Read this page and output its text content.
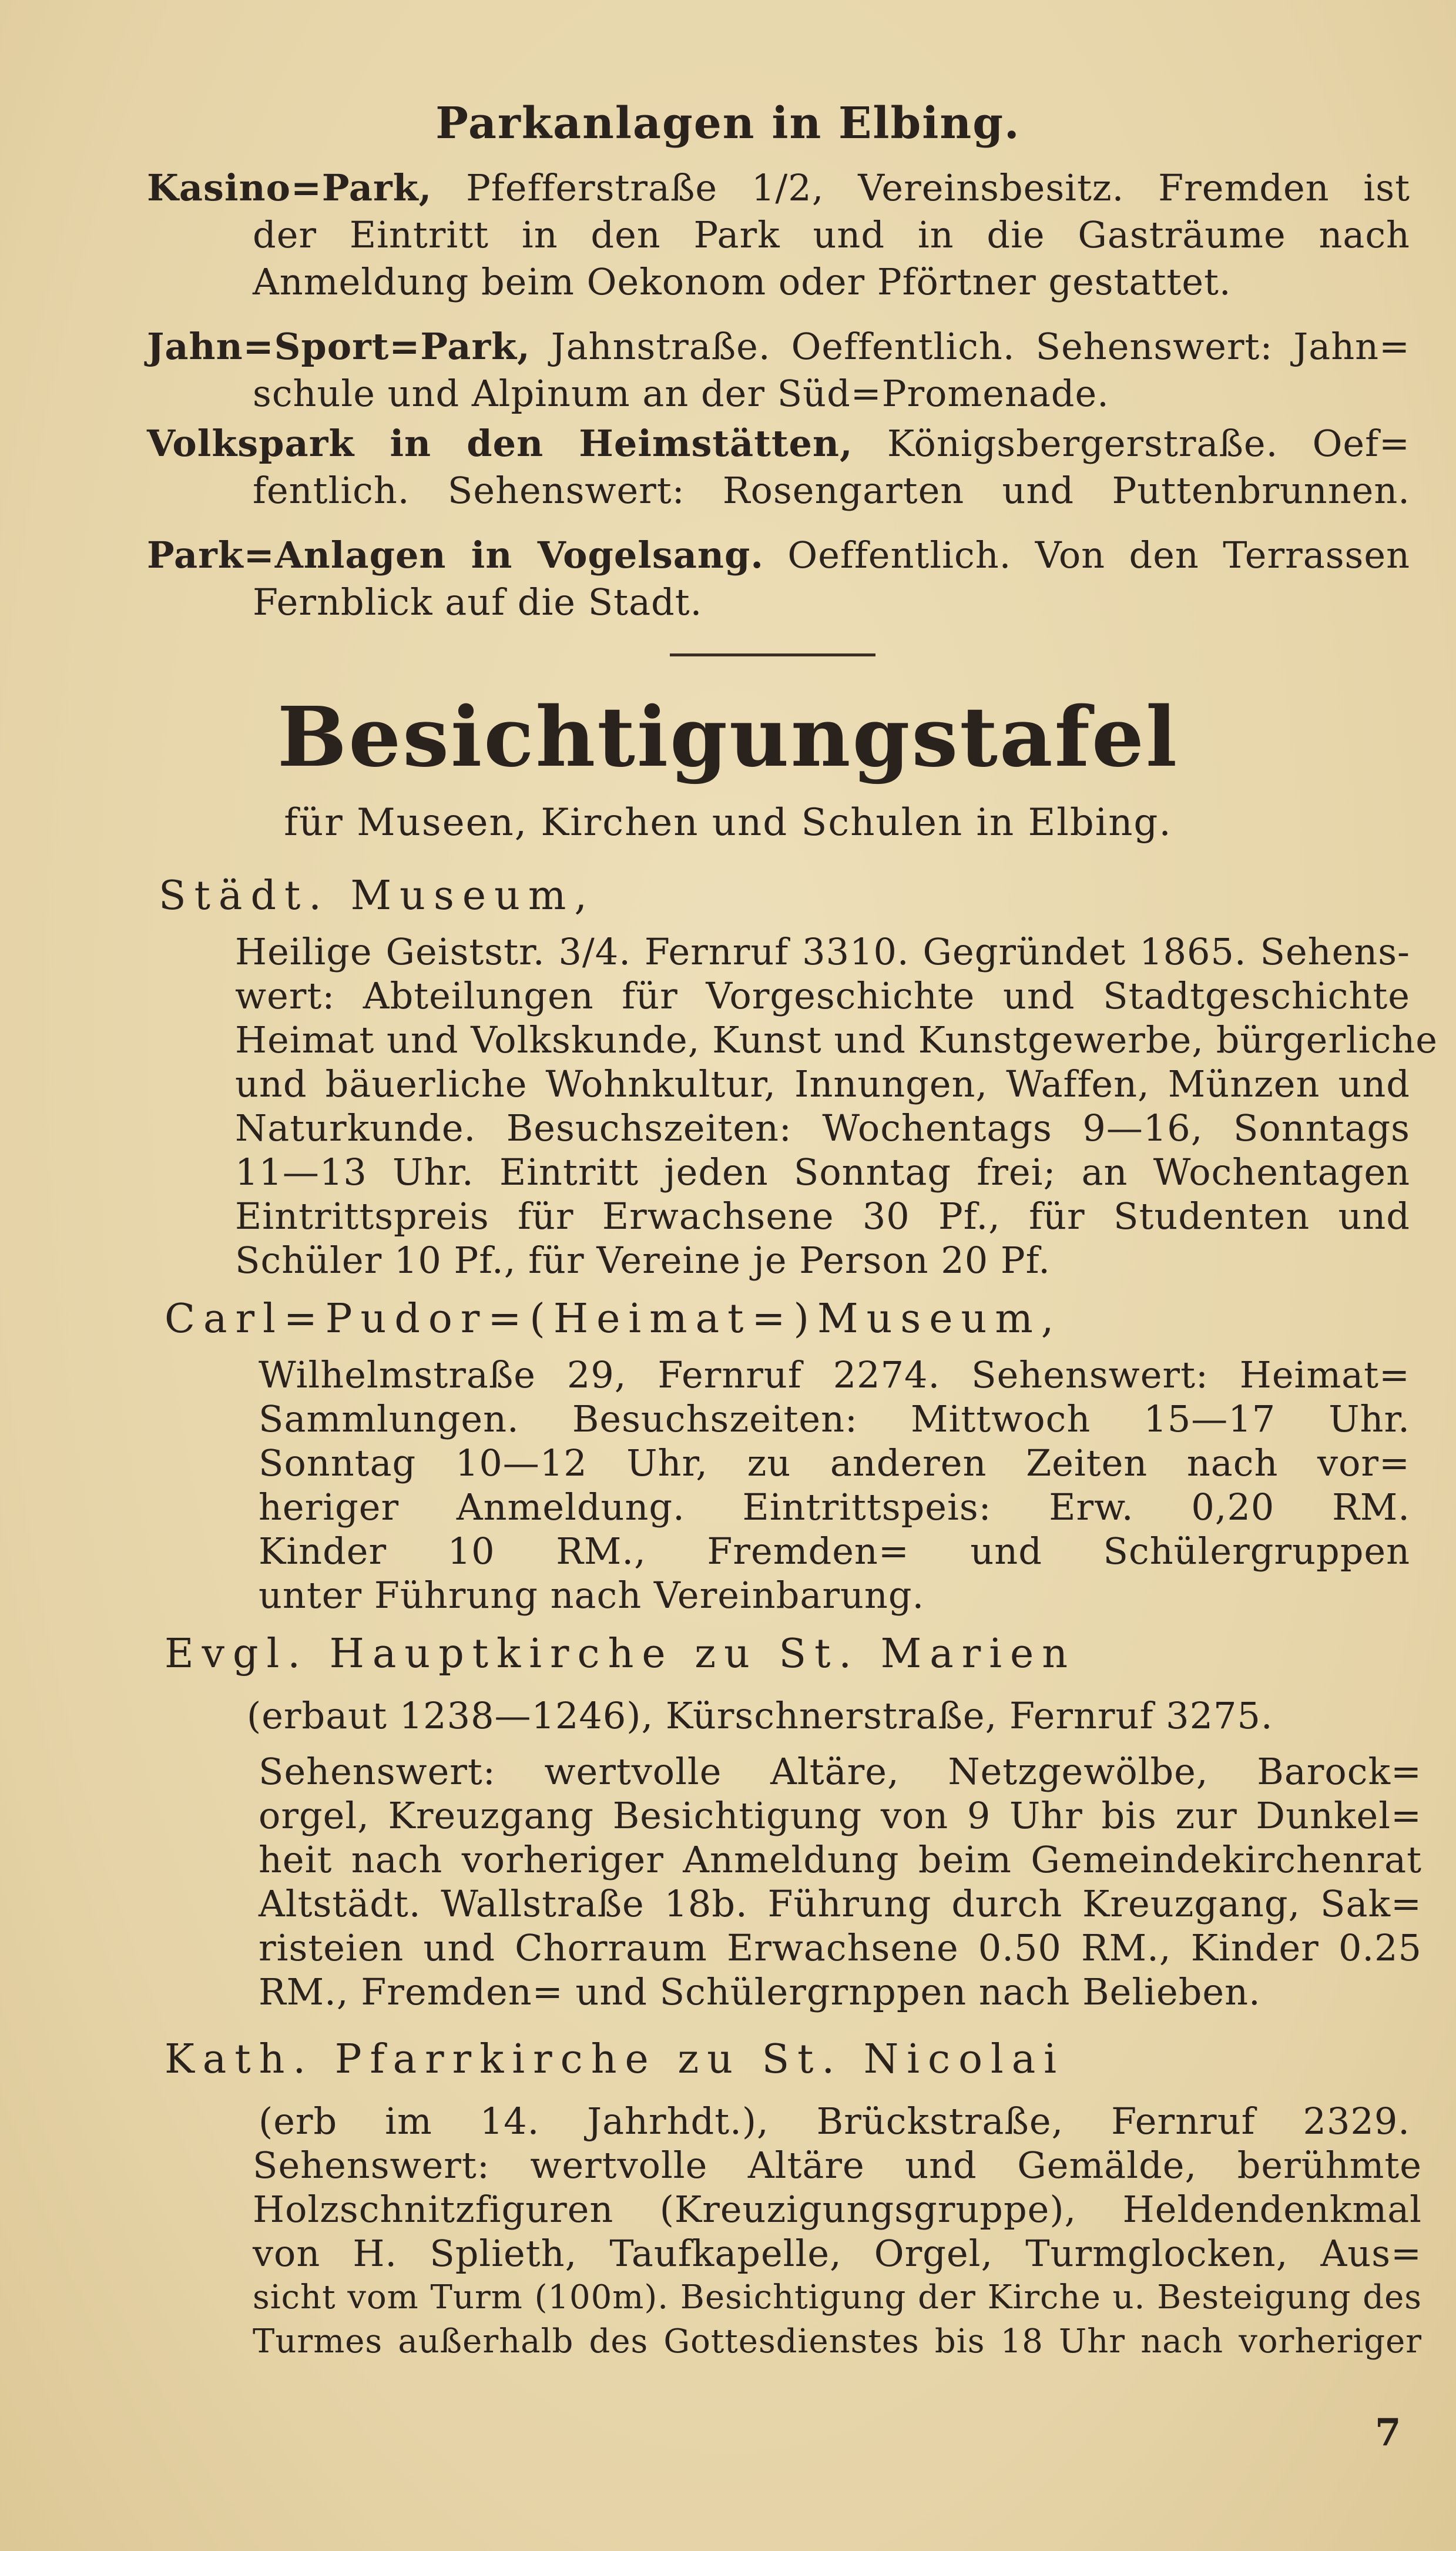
Parkanlagen in Elbing.
Kasino=Park, Pfefferstraße 1/2, Vereinsbesitz. Fremden ist
der Eintritt in den Park und in die Gasträume nach
Anmeldung beim Oekonom oder Pförtner gestattet.
Jahn=Sport=Park, Jahnstraße. Oeffentlich. Sehenswert: Jahn=
schule und Alpinum an der Süd=Promenade.
Volkspark in den Heimstätten, Königsbergerstraße. Oef=
fentlich. Sehenswert: Rosengarten und Puttenbrunnen.
Park=Anlagen in Vogelsang. Oeffentlich. Von den Terrassen
Fernblick auf die Stadt.
Besichtigungstafel
für Museen, Kirchen und Schulen in Elbing.
Städt. Museum,
Heilige Geiststr. 3/4. Fernruf 3310. Gegründet 1865. Sehens-
wert: Abteilungen für Vorgeschichte und Stadtgeschichte
Heimat und Volkskunde, Kunst und Kunstgewerbe, bürgerliche
und bäuerliche Wohnkultur, Innungen, Waffen, Münzen und
Naturkunde. Besuchszeiten: Wochentags 9—16, Sonntags
11—13 Uhr. Eintritt jeden Sonntag frei; an Wochentagen
Eintrittspreis für Erwachsene 30 Pf., für Studenten und
Schüler 10 Pf., für Vereine je Person 20 Pf.
Carl=Pudor=(Heimat=)Museum,
Wilhelmstraße 29, Fernruf 2274. Sehenswert: Heimat=
Sammlungen. Besuchszeiten: Mittwoch 15—17 Uhr.
Sonntag 10—12 Uhr, zu anderen Zeiten nach vor=
heriger Anmeldung. Eintrittspeis: Erw. 0,20 RM.
Kinder 10 RM., Fremden= und Schülergruppen
unter Führung nach Vereinbarung.
Evgl. Hauptkirche zu St. Marien
(erbaut 1238—1246), Kürschnerstraße, Fernruf 3275.
Sehenswert: wertvolle Altäre, Netzgewölbe, Barock=
orgel, Kreuzgang Besichtigung von 9 Uhr bis zur Dunkel=
heit nach vorheriger Anmeldung beim Gemeindekirchenrat
Altstädt. Wallstraße 18b. Führung durch Kreuzgang, Sak=
risteien und Chorraum Erwachsene 0.50 RM., Kinder 0.25
RM., Fremden= und Schülergrnppen nach Belieben.
Kath. Pfarrkirche zu St. Nicolai
(erb im 14. Jahrhdt.), Brückstraße, Fernruf 2329.
Sehenswert: wertvolle Altäre und Gemälde, berühmte
Holzschnitzfiguren (Kreuzigungsgruppe), Heldendenkmal
von H. Splieth, Taufkapelle, Orgel, Turmglocken, Aus=
sicht vom Turm (100m). Besichtigung der Kirche u. Besteigung des
Turmes außerhalb des Gottesdienstes bis 18 Uhr nach vorheriger
7
